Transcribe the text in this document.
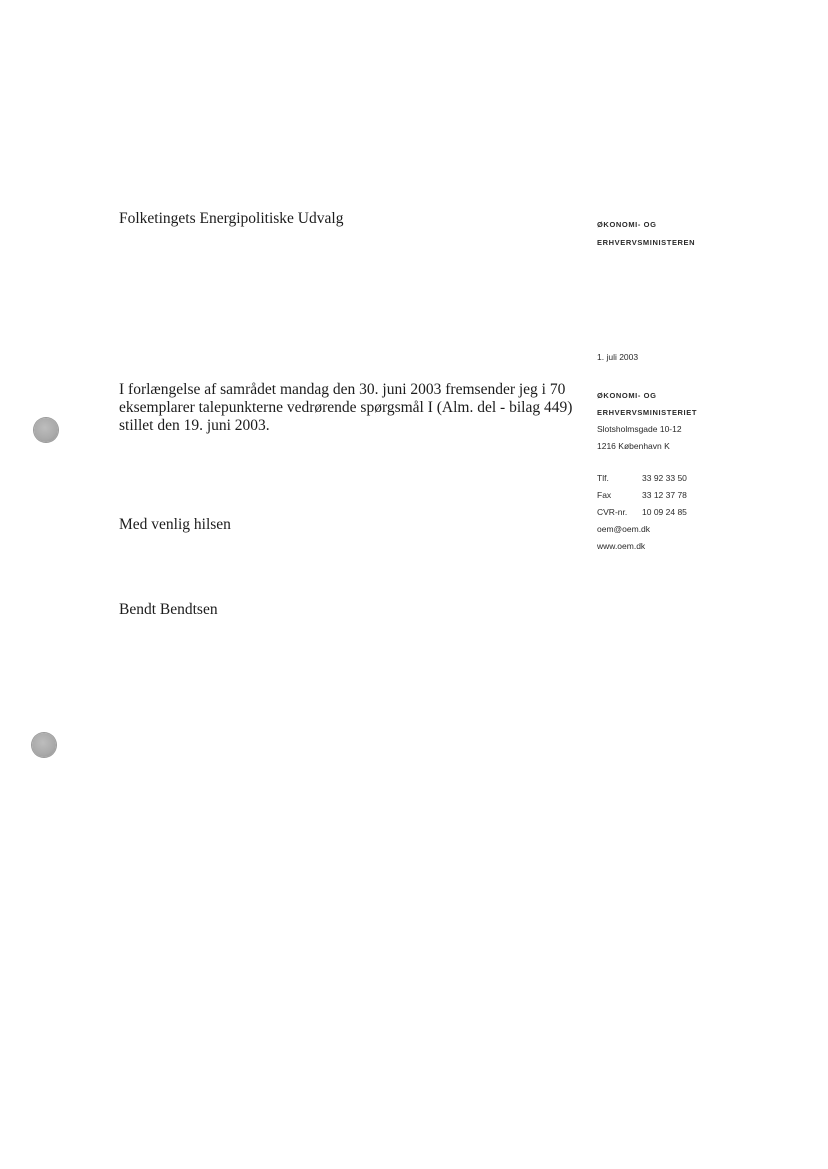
Folketingets Energipolitiske Udvalg
I forlængelse af samrådet mandag den 30. juni 2003 fremsender jeg i 70
eksemplarer talepunkterne vedrørende spørgsmål I (Alm. del - bilag 449)
stillet den 19. juni 2003.
Med venlig hilsen
Bendt Bendtsen
ØKONOMI- OG
ERHVERVSMINISTEREN
1. juli 2003
ØKONOMI- OG
ERHVERVSMINISTERIET
Slotsholmsgade 10-12
1216 København K
Tlf.	33 92 33 50
Fax	33 12 37 78
CVR-nr.	10 09 24 85
oem@oem.dk
www.oem.dk
